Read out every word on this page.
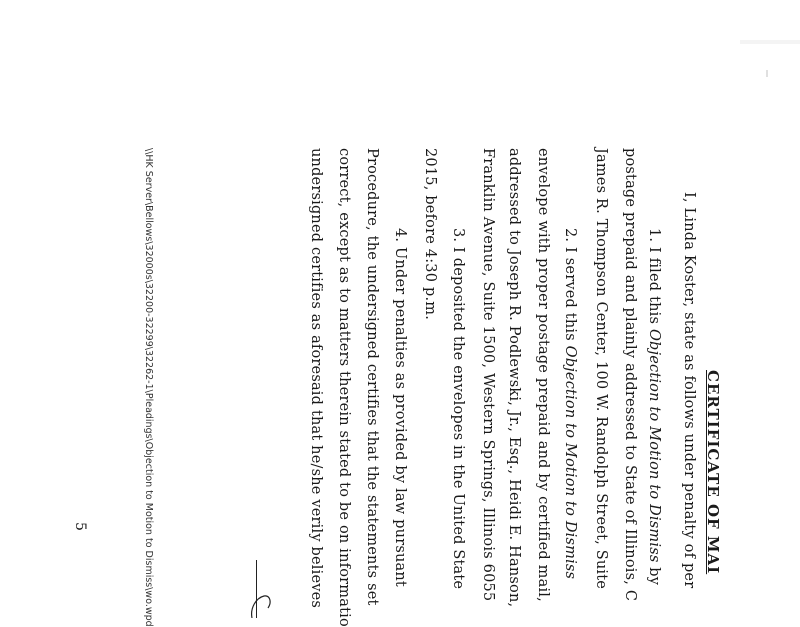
CERTIFICATE OF MAI
I, Linda Koster, state as follows under penalty of per
1. I filed this Objection to Motion to Dismiss by
postage prepaid and plainly addressed to State of Illinois, C
James R. Thompson Center, 100 W. Randolph Street, Suite
2. I served this Objection to Motion to Dismiss
envelope with proper postage prepaid and by certified mail,
addressed to Joseph R. Podlewski, Jr., Esq., Heidi E. Hanson,
Franklin Avenue, Suite 1500, Western Springs, Illinois 6055
3. I deposited the envelopes in the United State
2015, before 4:30 p.m.
4. Under penalties as provided by law pursuant
Procedure, the undersigned certifies that the statements set
correct, except as to matters therein stated to be on informatio
undersigned certifies as aforesaid that he/she verily believes
\\HK Server\Bellows\32000s\32200-32299\32262-1\Pleadings\Objection to Motion to Dismiss\wo.wpd
5
